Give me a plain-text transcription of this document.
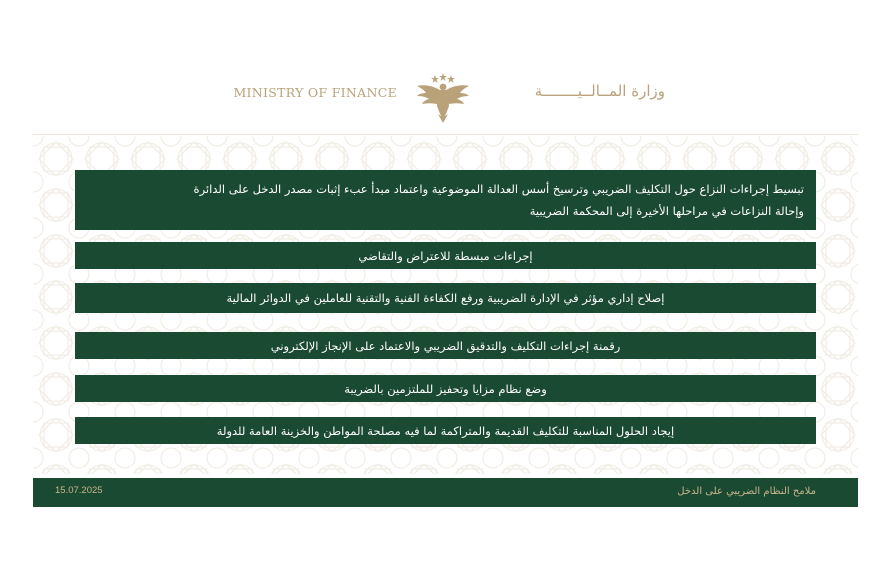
MINISTRY OF FINANCE	وزارة المــالــيــــــــة
تبسيط إجراءات النزاع حول التكليف الضريبي وترسيخ أسس العدالة الموضوعية واعتماد مبدأ عبء إثبات مصدر الدخل على الدائرة
وإحالة النزاعات في مراحلها الأخيرة إلى المحكمة الضريبية
إجراءات مبسطة للاعتراض والتقاضي
إصلاح إداري مؤثر في الإدارة الضريبية ورفع الكفاءة الفنية والتقنية للعاملين في الدوائر المالية
رقمنة إجراءات التكليف والتدقيق الضريبي والاعتماد على الإنجاز الإلكتروني
وضع نظام مزايا وتحفيز للملتزمين بالضريبة
إيجاد الحلول المناسبة للتكليف القديمة والمتراكمة لما فيه مصلحة المواطن والخزينة العامة للدولة
15.07.2025	ملامح النظام الضريبي على الدخل
